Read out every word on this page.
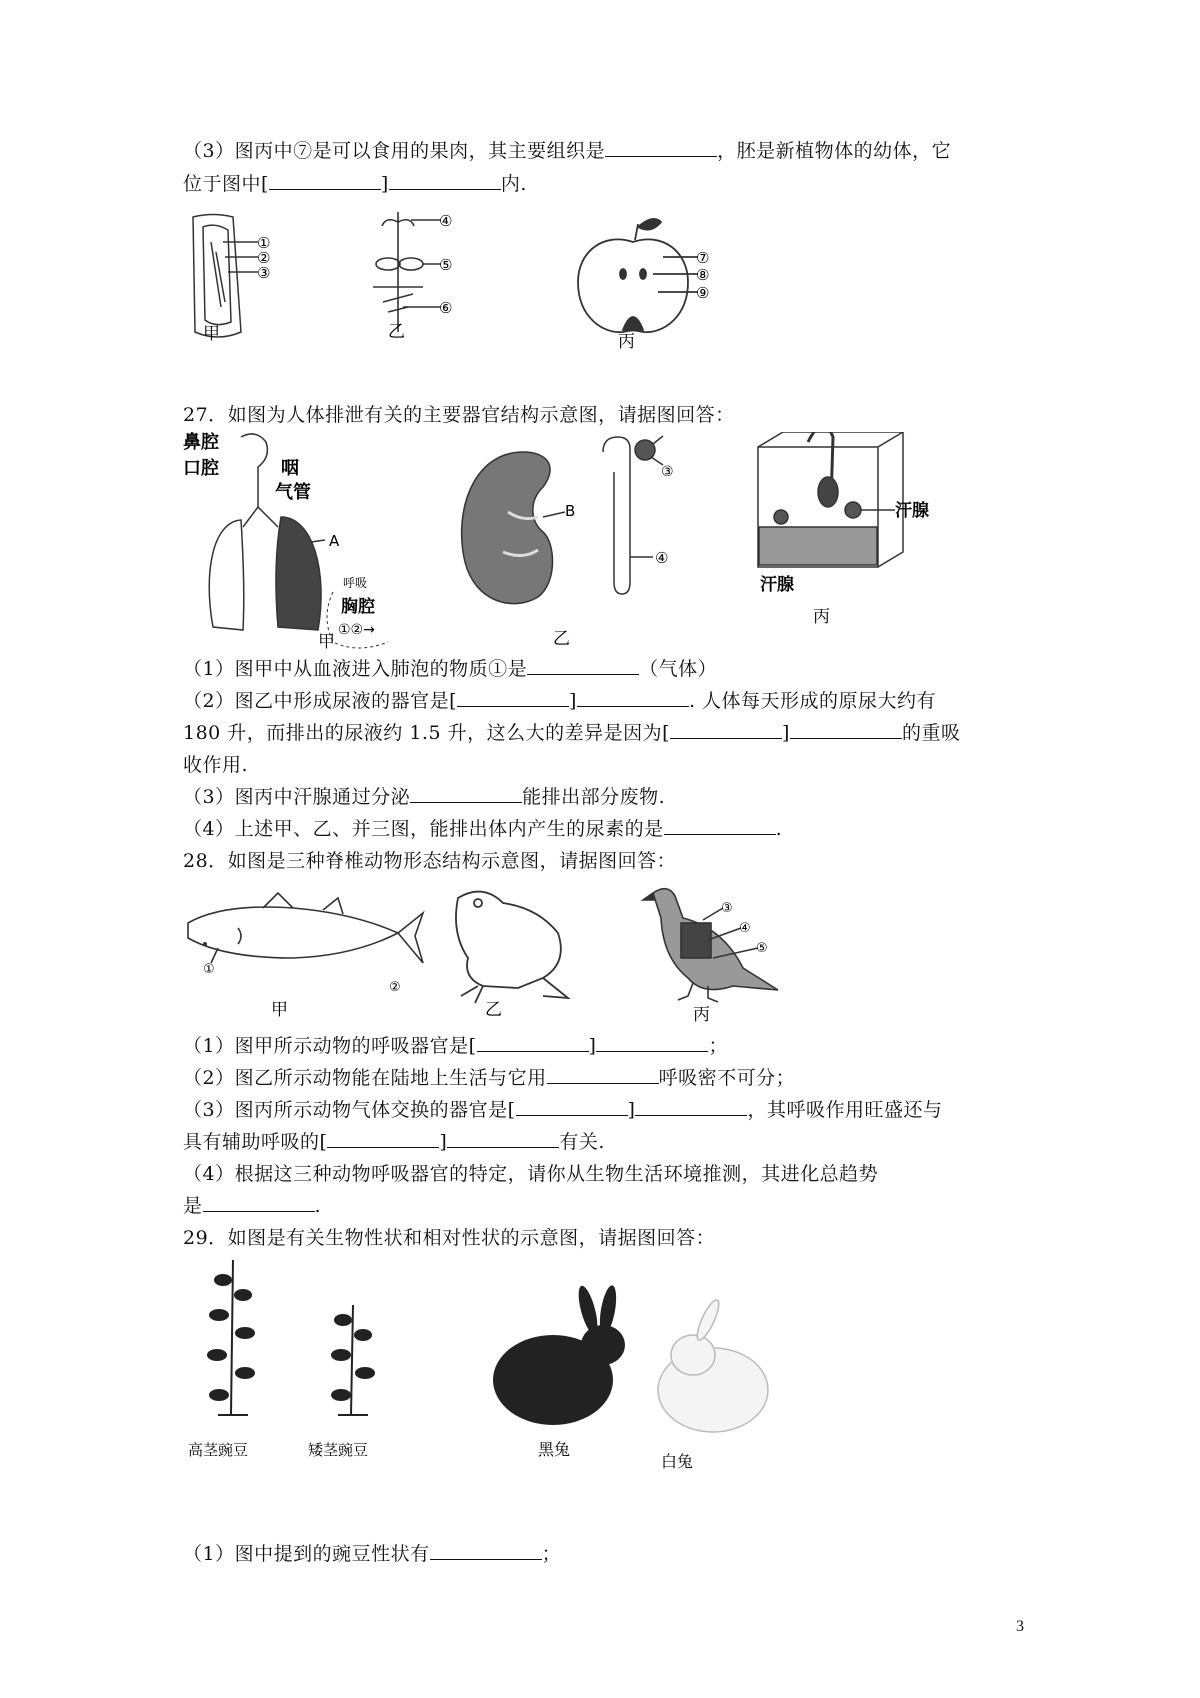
（3）图丙中⑦是可以食用的果肉，其主要组织是	，胚是新植物体的幼体，它
位于图中[	]	内.
①
②
③
甲
④
⑤
⑥
乙
⑦
⑧
⑨
丙
27．如图为人体排泄有关的主要器官结构示意图，请据图回答：
鼻腔
口腔	咽
气管
A
呼吸
胸腔
①②→
甲
B
③
④
乙
汗腺
汗腺
丙
（1）图甲中从血液进入肺泡的物质①是	（气体）
（2）图乙中形成尿液的器官是[	]	. 人体每天形成的原尿大约有
180 升，而排出的尿液约 1.5 升，这么大的差异是因为[	]	的重吸
收作用.
（3）图丙中汗腺通过分泌	能排出部分废物.
（4）上述甲、乙、并三图，能排出体内产生的尿素的是	.
28．如图是三种脊椎动物形态结构示意图，请据图回答：
①
②
甲	乙
③
④
⑤
丙
（1）图甲所示动物的呼吸器官是[	]	；
（2）图乙所示动物能在陆地上生活与它用	呼吸密不可分；
（3）图丙所示动物气体交换的器官是[	]	，其呼吸作用旺盛还与
具有辅助呼吸的[	]	有关.
（4）根据这三种动物呼吸器官的特定，请你从生物生活环境推测，其进化总趋势
是	.
29．如图是有关生物性状和相对性状的示意图，请据图回答：
高茎豌豆	矮茎豌豆	黑兔
白兔
（1）图中提到的豌豆性状有	；
3
